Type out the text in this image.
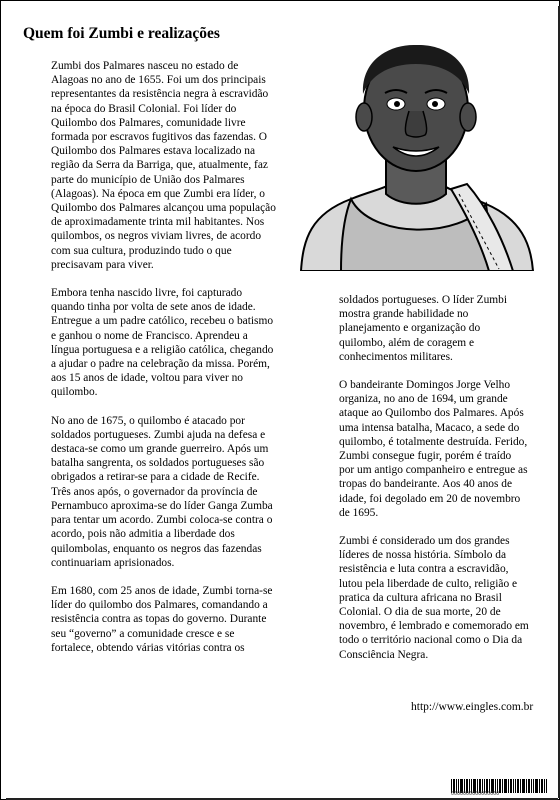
Quem foi Zumbi e realizações

Zumbi dos Palmares nasceu no estado de Alagoas no ano de 1655. Foi um dos principais representantes da resistência negra à escravidão na época do Brasil Colonial. Foi líder do Quilombo dos Palmares, comunidade livre formada por escravos fugitivos das fazendas. O Quilombo dos Palmares estava localizado na região da Serra da Barriga, que, atualmente, faz parte do município de União dos Palmares (Alagoas). Na época em que Zumbi era líder, o Quilombo dos Palmares alcançou uma população de aproximadamente trinta mil habitantes. Nos quilombos, os negros viviam livres, de acordo com sua cultura, produzindo tudo o que precisavam para viver.

Embora tenha nascido livre, foi capturado quando tinha por volta de sete anos de idade. Entregue a um padre católico, recebeu o batismo e ganhou o nome de Francisco. Aprendeu a língua portuguesa e a religião católica, chegando a ajudar o padre na celebração da missa. Porém, aos 15 anos de idade, voltou para viver no quilombo.

No ano de 1675, o quilombo é atacado por soldados portugueses. Zumbi ajuda na defesa e destaca-se como um grande guerreiro. Após um batalha sangrenta, os soldados portugueses são obrigados a retirar-se para a cidade de Recife. Três anos após, o governador da província de Pernambuco aproxima-se do líder Ganga Zumba para tentar um acordo. Zumbi coloca-se contra o acordo, pois não admitia a liberdade dos quilombolas, enquanto os negros das fazendas continuariam aprisionados.

Em 1680, com 25 anos de idade, Zumbi torna-se líder do quilombo dos Palmares, comandando a resistência contra as topas do governo. Durante seu “governo” a comunidade cresce e se fortalece, obtendo várias vitórias contra os

soldados portugueses. O líder Zumbi mostra grande habilidade no planejamento e organização do quilombo, além de coragem e conhecimentos militares.

O bandeirante Domingos Jorge Velho organiza, no ano de 1694, um grande ataque ao Quilombo dos Palmares. Após uma intensa batalha, Macaco, a sede do quilombo, é totalmente destruída. Ferido, Zumbi consegue fugir, porém é traído por um antigo companheiro e entregue as tropas do bandeirante. Aos 40 anos de idade, foi degolado em 20 de novembro de 1695.

Zumbi é considerado um dos grandes líderes de nossa história. Símbolo da resistência e luta contra a escravidão, lutou pela liberdade de culto, religião e pratica da cultura africana no Brasil Colonial. O dia de sua morte, 20 de novembro, é lembrado e comemorado em todo o território nacional como o Dia da Consciência Negra.

http://www.eingles.com.br
0000000000000000
